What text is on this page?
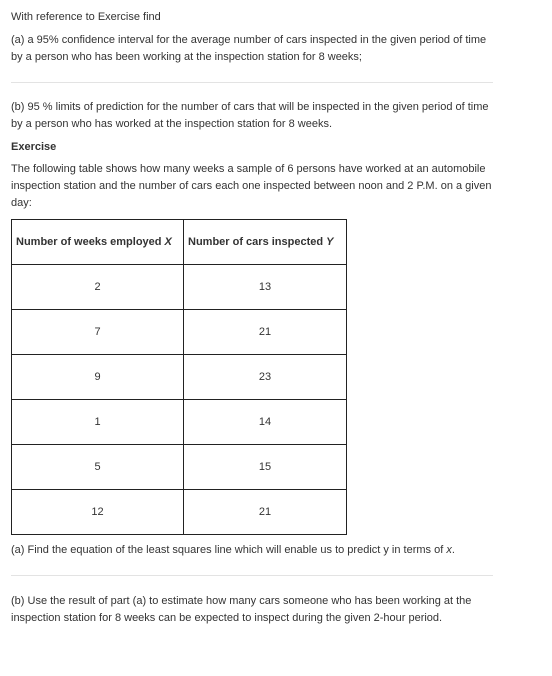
With reference to Exercise find

(a) a 95% confidence interval for the average number of cars inspected in the given period of time by a person who has been working at the inspection station for 8 weeks;

(b) 95 % limits of prediction for the number of cars that will be inspected in the given period of time by a person who has worked at the inspection station for 8 weeks.

Exercise

The following table shows how many weeks a sample of 6 persons have worked at an automobile inspection station and the number of cars each one inspected between noon and 2 P.M. on a given day:

Number of weeks employed X	Number of cars inspected Y
2	13
7	21
9	23
1	14
5	15
12	21

(a) Find the equation of the least squares line which will enable us to predict y in terms of x.

(b) Use the result of part (a) to estimate how many cars someone who has been working at the inspection station for 8 weeks can be expected to inspect during the given 2-hour period.
